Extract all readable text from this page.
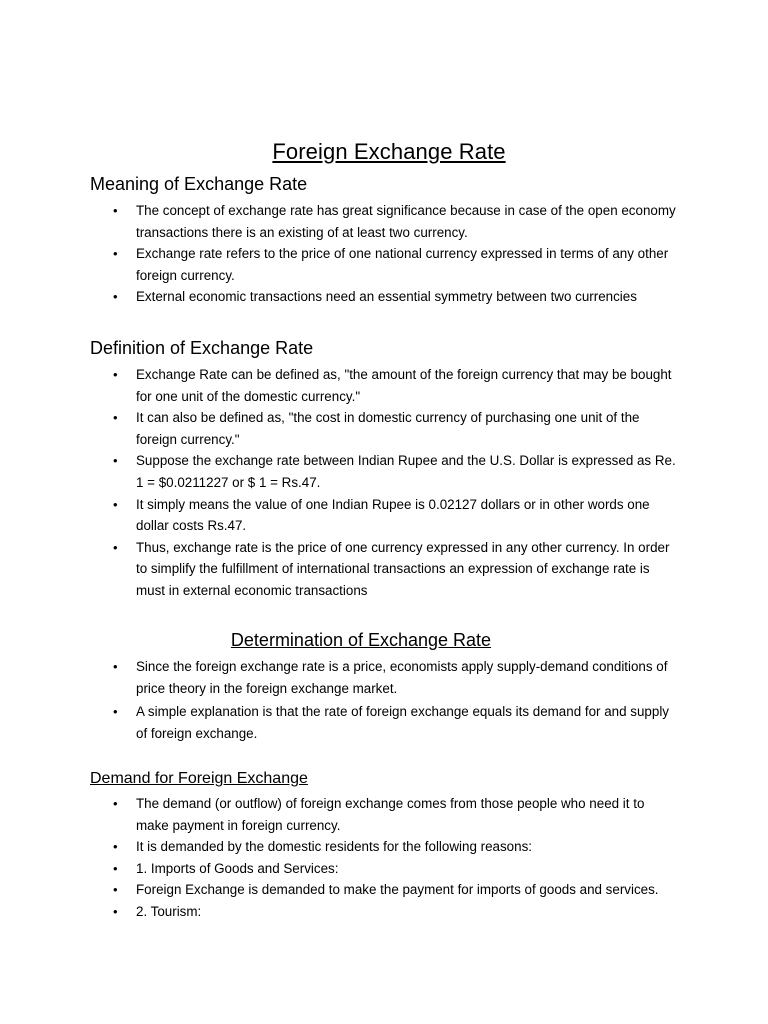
Foreign Exchange Rate
Meaning of Exchange Rate
• The concept of exchange rate has great significance because in case of the open economy transactions there is an existing of at least two currency.
• Exchange rate refers to the price of one national currency expressed in terms of any other foreign currency.
• External economic transactions need an essential symmetry between two currencies
Definition of Exchange Rate
• Exchange Rate can be defined as, "the amount of the foreign currency that may be bought for one unit of the domestic currency."
• It can also be defined as, "the cost in domestic currency of purchasing one unit of the foreign currency."
• Suppose the exchange rate between Indian Rupee and the U.S. Dollar is expressed as Re. 1 = $0.0211227 or $ 1 = Rs.47.
• It simply means the value of one Indian Rupee is 0.02127 dollars or in other words one dollar costs Rs.47.
• Thus, exchange rate is the price of one currency expressed in any other currency. In order to simplify the fulfillment of international transactions an expression of exchange rate is must in external economic transactions
Determination of Exchange Rate
• Since the foreign exchange rate is a price, economists apply supply-demand conditions of price theory in the foreign exchange market.
• A simple explanation is that the rate of foreign exchange equals its demand for and supply of foreign exchange.
Demand for Foreign Exchange
• The demand (or outflow) of foreign exchange comes from those people who need it to make payment in foreign currency.
• It is demanded by the domestic residents for the following reasons:
• 1. Imports of Goods and Services:
• Foreign Exchange is demanded to make the payment for imports of goods and services.
• 2. Tourism:
